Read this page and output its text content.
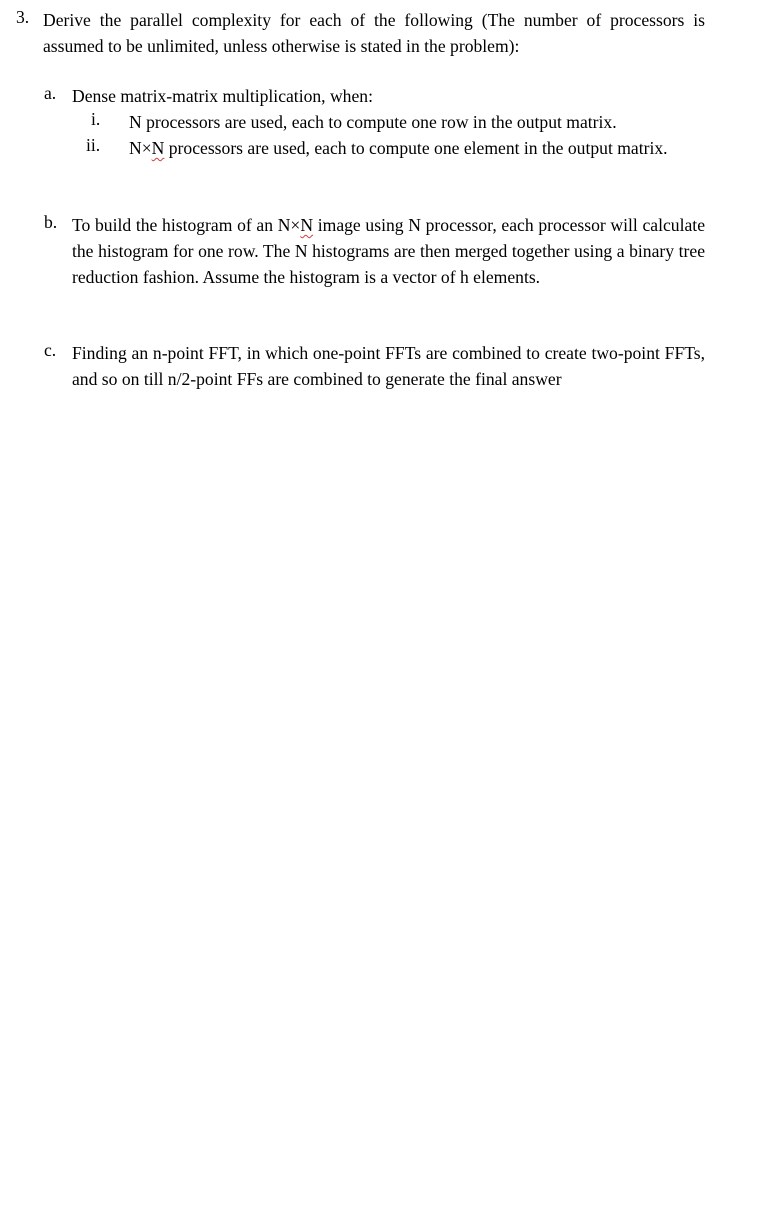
3. Derive the parallel complexity for each of the following (The number of processors is assumed to be unlimited, unless otherwise is stated in the problem):
a. Dense matrix-matrix multiplication, when:
i. N processors are used, each to compute one row in the output matrix.
ii. N×N processors are used, each to compute one element in the output matrix.
b. To build the histogram of an N×N image using N processor, each processor will calculate the histogram for one row. The N histograms are then merged together using a binary tree reduction fashion. Assume the histogram is a vector of h elements.
c. Finding an n-point FFT, in which one-point FFTs are combined to create two-point FFTs, and so on till n/2-point FFs are combined to generate the final answer
